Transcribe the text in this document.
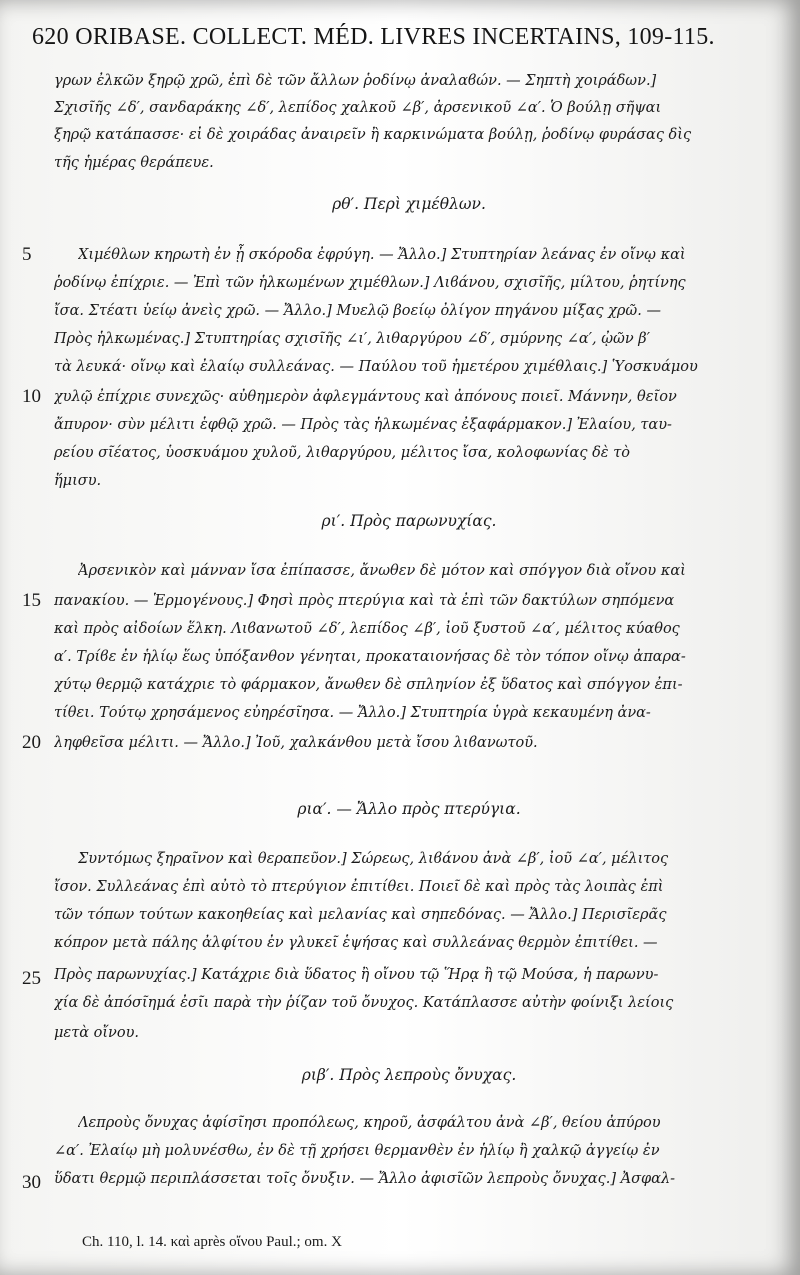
620 ORIBASE. COLLECT. MÉD. LIVRES INCERTAINS, 109-115.
γρων ἐλκῶν ξηρῷ χρῶ, ἐπὶ δὲ τῶν ἄλλων ῥοδίνῳ ἀναλαϐών. — Σηπτὴ χοιράδων.]
Σχισῖῆς ∠δ′, σανδαράκης ∠δ′, λεπίδος χαλκοῦ ∠β′, ἀρσενικοῦ ∠α′. Ὁ βούλῃ σῆψαι
ξηρῷ κατάπασσε· εἰ δὲ χοιράδας ἀναιρεῖν ἢ καρκινώματα βούλῃ, ῥοδίνῳ φυράσας δὶς
τῆς ἡμέρας θεράπευε.
ρθ′. Περὶ χιμέθλων.
5	Χιμέθλων κηρωτὴ ἐν ᾗ σκόροδα ἐφρύγη. — Ἄλλο.] Στυπτηρίαν λεάνας ἐν οἴνῳ καὶ
ῥοδίνῳ ἐπίχριε. — Ἐπὶ τῶν ἡλκωμένων χιμέθλων.] Λιϐάνου, σχισῖῆς, μίλτου, ῥητίνης
ἴσα. Στέατι ὑείῳ ἀνεὶς χρῶ. — Ἄλλο.] Μυελῷ βοείῳ ὀλίγον πηγάνου μίξας χρῶ. —
Πρὸς ἡλκωμένας.] Στυπτηρίας σχισῖῆς ∠ι′, λιθαργύρου ∠δ′, σμύρνης ∠α′, ᾠῶν β′
τὰ λευκά· οἴνῳ καὶ ἐλαίῳ συλλεάνας. — Παύλου τοῦ ἡμετέρου χιμέθλαις.] Ὑοσκυάμου
10 χυλῷ ἐπίχριε συνεχῶς· αὐθημερὸν ἀφλεγμάντους καὶ ἀπόνους ποιεῖ. Μάννην, θεῖον
ἄπυρον· σὺν μέλιτι ἑφθῷ χρῶ. — Πρὸς τὰς ἡλκωμένας ἐξαφάρμακον.] Ἐλαίου, ταυ-
ρείου σῖέατος, ὑοσκυάμου χυλοῦ, λιθαργύρου, μέλιτος ἴσα, κολοφωνίας δὲ τὸ
ἥμισυ.
ρι′. Πρὸς παρωνυχίας.
Ἀρσενικὸν καὶ μάνναν ἴσα ἐπίπασσε, ἄνωθεν δὲ μότον καὶ σπόγγον διὰ οἴνου καὶ
15 πανακίου. — Ἑρμογένους.] Φησὶ πρὸς πτερύγια καὶ τὰ ἐπὶ τῶν δακτύλων σηπόμενα
καὶ πρὸς αἰδοίων ἕλκη. Λιϐανωτοῦ ∠δ′, λεπίδος ∠β′, ἰοῦ ξυστοῦ ∠α′, μέλιτος κύαθος
α′. Τρίϐε ἐν ἡλίῳ ἕως ὑπόξανθον γένηται, προκαταιονήσας δὲ τὸν τόπον οἴνῳ ἀπαρα-
χύτῳ θερμῷ κατάχριε τὸ φάρμακον, ἄνωθεν δὲ σπληνίον ἐξ ὕδατος καὶ σπόγγον ἐπι-
τίθει. Τούτῳ χρησάμενος εὐηρέσῖησα. — Ἄλλο.] Στυπτηρία ὑγρὰ κεκαυμένη ἀνα-
20 ληφθεῖσα μέλιτι. — Ἄλλο.] Ἰοῦ, χαλκάνθου μετὰ ἴσου λιϐανωτοῦ.
ρια′. — Ἄλλο πρὸς πτερύγια.
Συντόμως ξηραῖνον καὶ θεραπεῦον.] Σώρεως, λιϐάνου ἀνὰ ∠β′, ἰοῦ ∠α′, μέλιτος
ἴσον. Συλλεάνας ἐπὶ αὐτὸ τὸ πτερύγιον ἐπιτίθει. Ποιεῖ δὲ καὶ πρὸς τὰς λοιπὰς ἐπὶ
τῶν τόπων τούτων κακοηθείας καὶ μελανίας καὶ σηπεδόνας. — Ἄλλο.] Περισῖερᾶς
κόπρον μετὰ πάλης ἀλφίτου ἐν γλυκεῖ ἑψήσας καὶ συλλεάνας θερμὸν ἐπιτίθει. —
25 Πρὸς παρωνυχίας.] Κατάχριε διὰ ὕδατος ἢ οἴνου τῷ Ἥρᾳ ἢ τῷ Μούσα, ἡ παρωνυ-
χία δὲ ἀπόσῖημά ἐσῖι παρὰ τὴν ῥίζαν τοῦ ὄνυχος. Κατάπλασσε αὐτὴν φοίνιξι λείοις
μετὰ οἴνου.
ριβ′. Πρὸς λεπροὺς ὄνυχας.
Λεπροὺς ὄνυχας ἀφίσῖησι προπόλεως, κηροῦ, ἀσφάλτου ἀνὰ ∠β′, θείου ἀπύρου
∠α′. Ἐλαίῳ μὴ μολυνέσθω, ἐν δὲ τῇ χρήσει θερμανθὲν ἐν ἡλίῳ ἢ χαλκῷ ἀγγείῳ ἐν
30 ὕδατι θερμῷ περιπλάσσεται τοῖς ὄνυξιν. — Ἄλλο ἀφισῖῶν λεπροὺς ὄνυχας.] Ἀσφαλ-
Ch. 110, l. 14. καὶ après οἴνου Paul.; om. X
